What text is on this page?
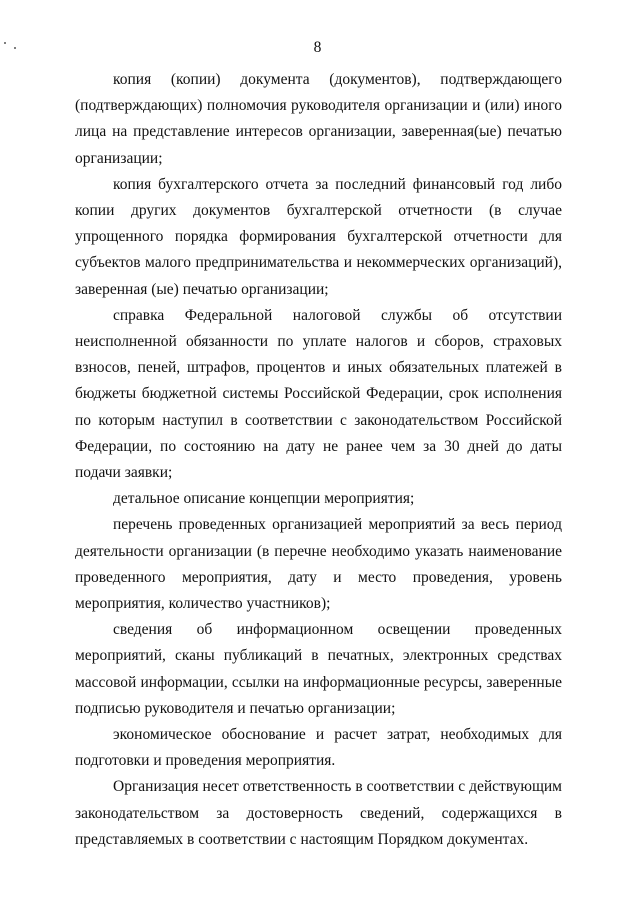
8

копия (копии) документа (документов), подтверждающего (подтверждающих) полномочия руководителя организации и (или) иного лица на представление интересов организации, заверенная(ые) печатью организации;

копия бухгалтерского отчета за последний финансовый год либо копии других документов бухгалтерской отчетности (в случае упрощенного порядка формирования бухгалтерской отчетности для субъектов малого предпринимательства и некоммерческих организаций), заверенная (ые) печатью организации;

справка Федеральной налоговой службы об отсутствии неисполненной обязанности по уплате налогов и сборов, страховых взносов, пеней, штрафов, процентов и иных обязательных платежей в бюджеты бюджетной системы Российской Федерации, срок исполнения по которым наступил в соответствии с законодательством Российской Федерации, по состоянию на дату не ранее чем за 30 дней до даты подачи заявки;

детальное описание концепции мероприятия;

перечень проведенных организацией мероприятий за весь период деятельности организации (в перечне необходимо указать наименование проведенного мероприятия, дату и место проведения, уровень мероприятия, количество участников);

сведения об информационном освещении проведенных мероприятий, сканы публикаций в печатных, электронных средствах массовой информации, ссылки на информационные ресурсы, заверенные подписью руководителя и печатью организации;

экономическое обоснование и расчет затрат, необходимых для подготовки и проведения мероприятия.

Организация несет ответственность в соответствии с действующим законодательством за достоверность сведений, содержащихся в представляемых в соответствии с настоящим Порядком документах.
